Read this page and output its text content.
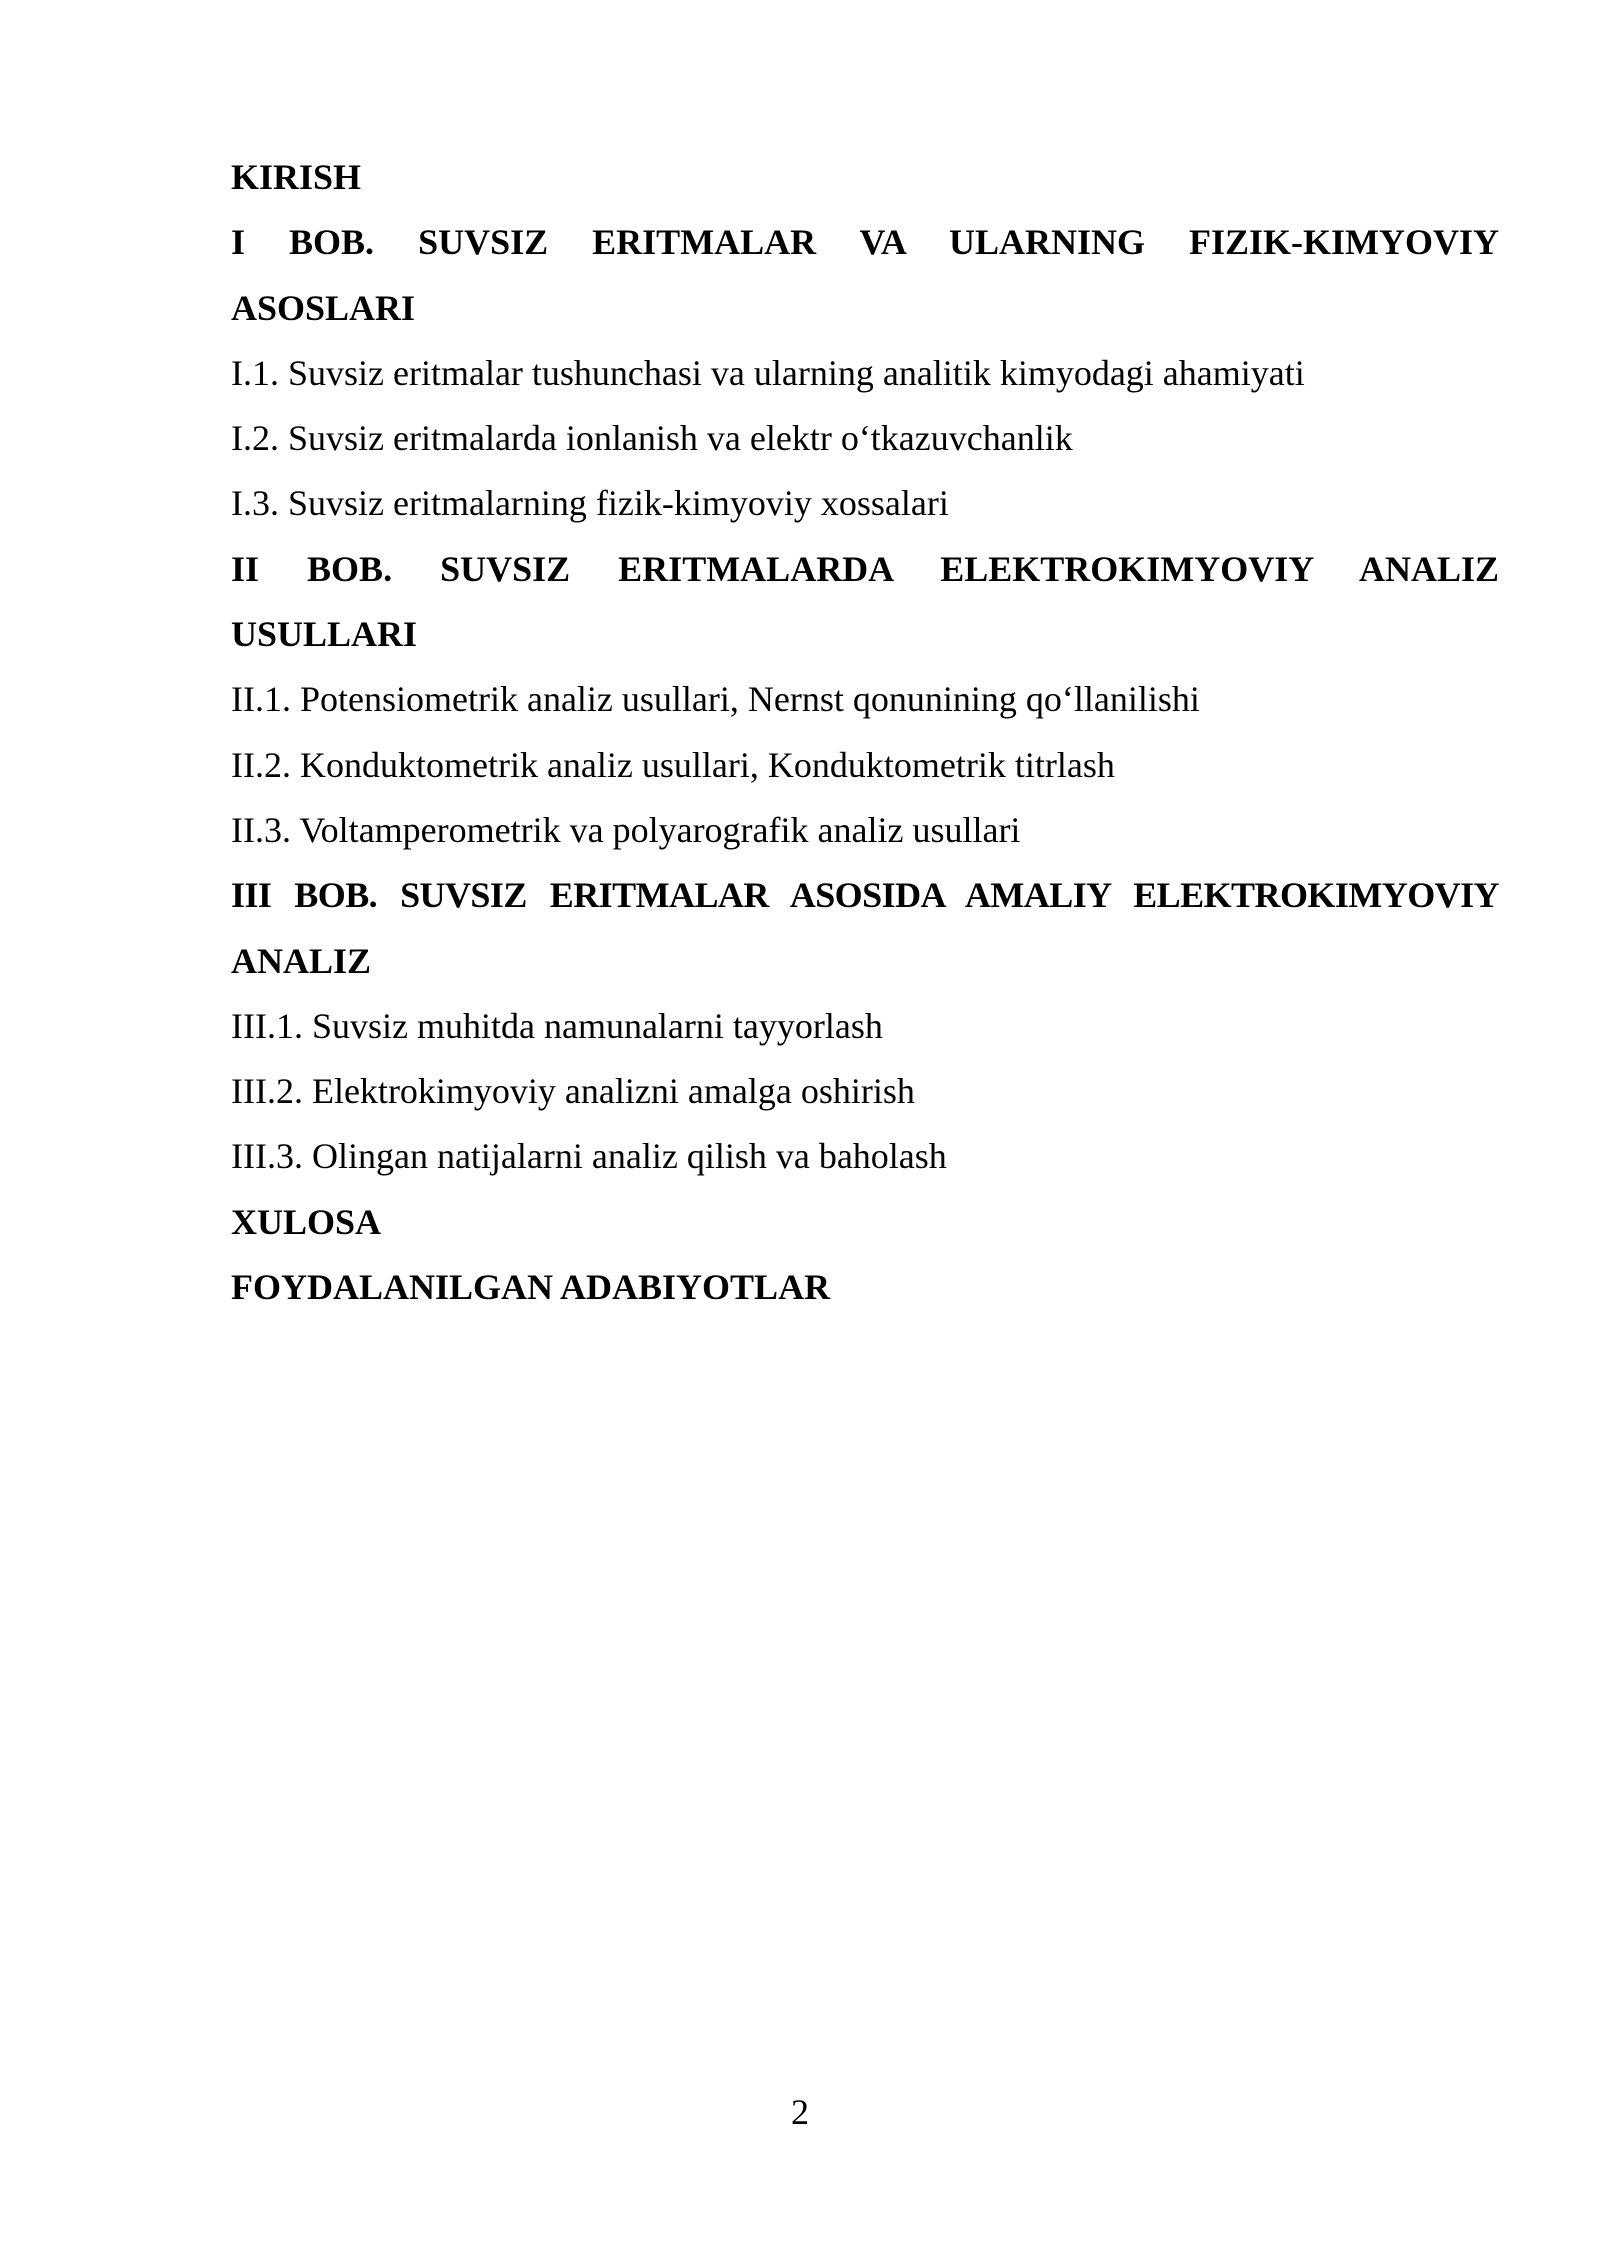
KIRISH
I BOB. SUVSIZ ERITMALAR VA ULARNING FIZIK-KIMYOVIY
ASOSLARI
I.1. Suvsiz eritmalar tushunchasi va ularning analitik kimyodagi ahamiyati
I.2. Suvsiz eritmalarda ionlanish va elektr o‘tkazuvchanlik
I.3. Suvsiz eritmalarning fizik-kimyoviy xossalari
II BOB. SUVSIZ ERITMALARDA ELEKTROKIMYOVIY ANALIZ
USULLARI
II.1. Potensiometrik analiz usullari, Nernst qonunining qo‘llanilishi
II.2. Konduktometrik analiz usullari, Konduktometrik titrlash
II.3. Voltamperometrik va polyarografik analiz usullari
III BOB. SUVSIZ ERITMALAR ASOSIDA AMALIY ELEKTROKIMYOVIY
ANALIZ
III.1. Suvsiz muhitda namunalarni tayyorlash
III.2. Elektrokimyoviy analizni amalga oshirish
III.3. Olingan natijalarni analiz qilish va baholash
XULOSA
FOYDALANILGAN ADABIYOTLAR
2
